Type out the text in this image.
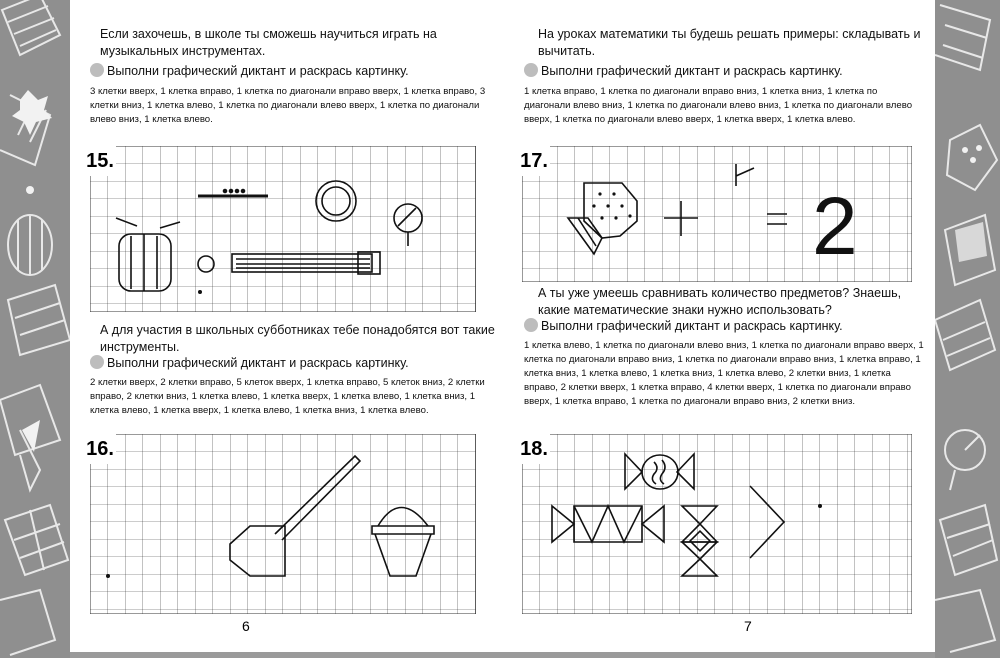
Если захочешь, в школе ты сможешь научиться играть на музыкальных инструментах.
Выполни графический диктант и раскрась картинку.
3 клетки вверх, 1 клетка вправо, 1 клетка по диагонали вправо вверх, 1 клетка вправо, 3 клетки вниз, 1 клетка влево, 1 клетка по диагонали влево вверх, 1 клетка по диагонали влево вниз, 1 клетка влево.
15.
А для участия в школьных субботниках тебе понадобятся вот такие инструменты.
Выполни графический диктант и раскрась картинку.
2 клетки вверх, 2 клетки вправо, 5 клеток вверх, 1 клетка вправо, 5 клеток вниз, 2 клетки вправо, 2 клетки вниз, 1 клетка влево, 1 клетка вверх, 1 клетка влево, 1 клетка вниз, 1 клетка влево, 1 клетка вверх, 1 клетка влево, 1 клетка вниз, 1 клетка влево.
16.
6
На уроках математики ты будешь решать примеры: складывать и вычитать.
Выполни графический диктант и раскрась картинку.
1 клетка вправо, 1 клетка по диагонали вправо вниз, 1 клетка вниз, 1 клетка по диагонали влево вниз, 1 клетка по диагонали влево вниз, 1 клетка по диагонали влево вверх, 1 клетка по диагонали влево вверх, 1 клетка вверх, 1 клетка влево.
2
17.
А ты уже умеешь сравнивать количество предметов? Знаешь, какие математические знаки нужно использовать?
Выполни графический диктант и раскрась картинку.
1 клетка влево, 1 клетка по диагонали влево вниз, 1 клетка по диагонали вправо вверх, 1 клетка по диагонали вправо вниз, 1 клетка по диагонали вправо вниз, 1 клетка вправо, 1 клетка вниз, 1 клетка влево, 1 клетка вниз, 1 клетка влево, 2 клетки вниз, 1 клетка вправо, 2 клетки вверх, 1 клетка вправо, 4 клетки вверх, 1 клетка по диагонали вправо вверх, 1 клетка вправо, 1 клетка по диагонали вправо вниз, 2 клетки вниз.
18.
7
